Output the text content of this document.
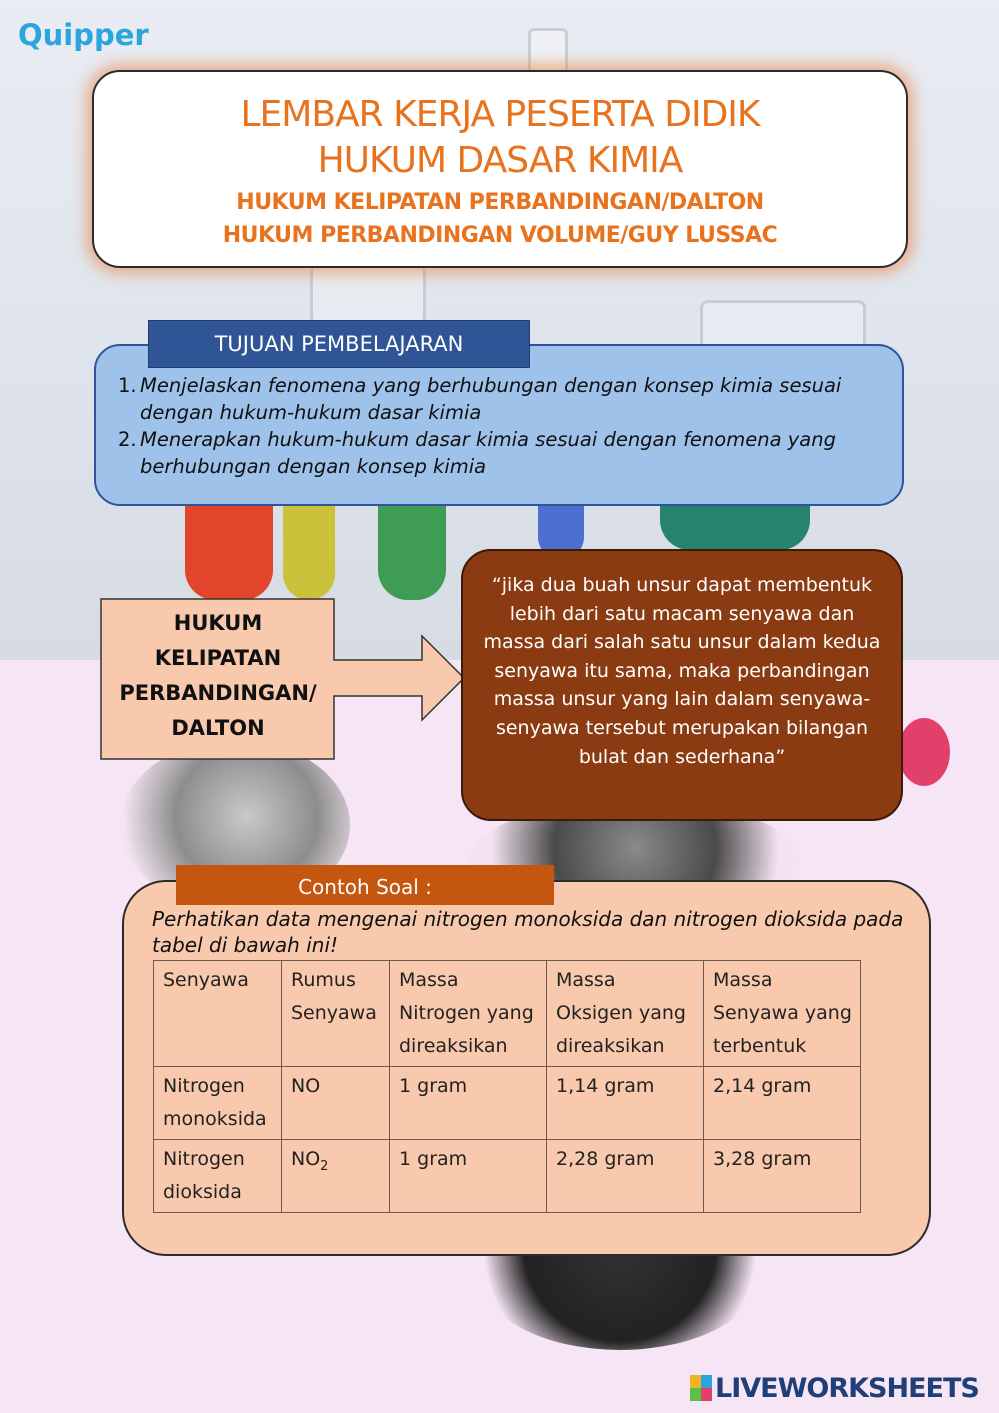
Quipper
LEMBAR KERJA PESERTA DIDIK
HUKUM DASAR KIMIA
HUKUM KELIPATAN PERBANDINGAN/DALTON
HUKUM PERBANDINGAN VOLUME/GUY LUSSAC
TUJUAN PEMBELAJARAN
1. Menjelaskan fenomena yang berhubungan dengan konsep kimia sesuai dengan hukum-hukum dasar kimia
2. Menerapkan hukum-hukum dasar kimia sesuai dengan fenomena yang berhubungan dengan konsep kimia
HUKUM
KELIPATAN
PERBANDINGAN/
DALTON
“jika dua buah unsur dapat membentuk lebih dari satu macam senyawa dan massa dari salah satu unsur dalam kedua senyawa itu sama, maka perbandingan massa unsur yang lain dalam senyawa-senyawa tersebut merupakan bilangan bulat dan sederhana”
Contoh Soal :
Perhatikan data mengenai nitrogen monoksida dan nitrogen dioksida pada tabel di bawah ini!
Senyawa	Rumus Senyawa	Massa Nitrogen yang direaksikan	Massa Oksigen yang direaksikan	Massa Senyawa yang terbentuk
Nitrogen monoksida	NO	1 gram	1,14 gram	2,14 gram
Nitrogen dioksida	$NO_2$	1 gram	2,28 gram	3,28 gram
LIVEWORKSHEETS
